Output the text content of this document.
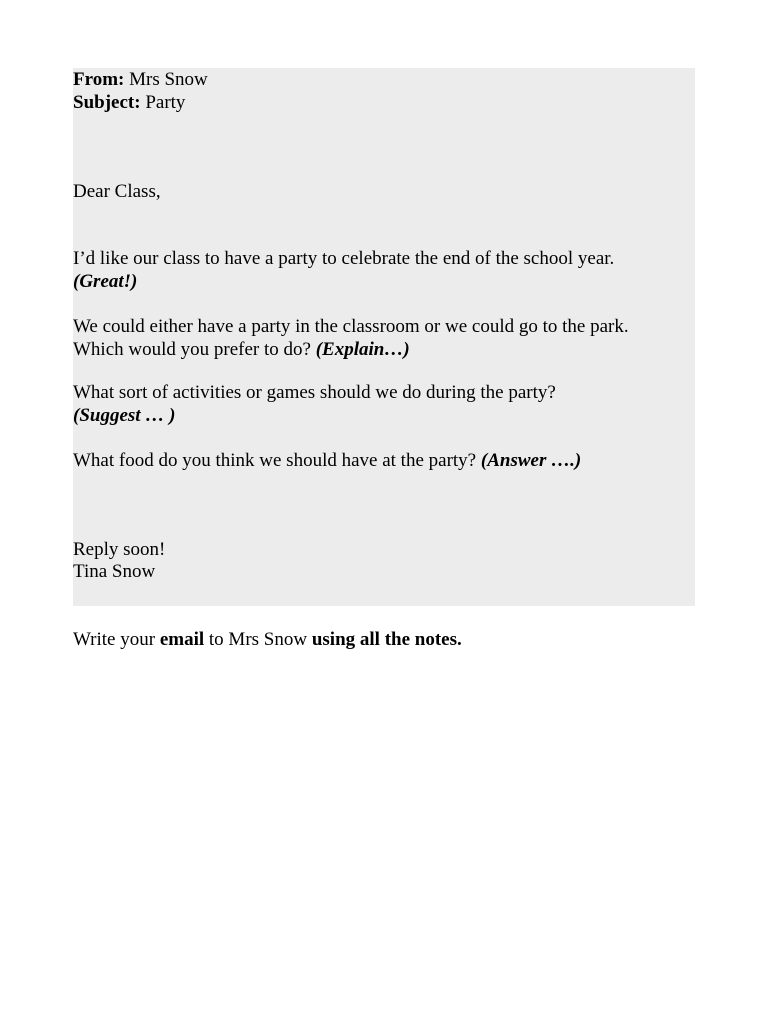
From: Mrs Snow
Subject: Party
Dear Class,
I’d like our class to have a party to celebrate the end of the school year.
(Great!)
We could either have a party in the classroom or we could go to the park.
Which would you prefer to do? (Explain…)
What sort of activities or games should we do during the party?
(Suggest … )
What food do you think we should have at the party? (Answer ….)
Reply soon!
Tina Snow
Write your email to Mrs Snow using all the notes.
